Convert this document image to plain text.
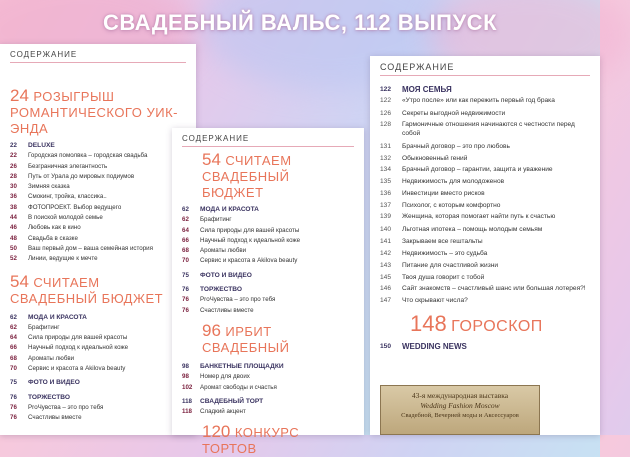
СВАДЕБНЫЙ ВАЛЬС, 112 ВЫПУСК
СОДЕРЖАНИЕ
24 РОЗЫГРЫШ
РОМАНТИЧЕСКОГО УИК-ЭНДА
22	DELUXE
22	Городская помолвка – городская свадьба
26	Безграничная элегантность
28	Путь от Урала до мировых подиумов
30	Зимняя сказка
36	Смокинг, тройка, классика..
38	ФОТОПРОЕКТ. Выбор ведущего
44	В поиской молодой семье
46	Любовь как в кино
48	Свадьба в сказке
50	Ваш первый дом – ваша семейная история
52	Линии, ведущие к мечте
54 СЧИТАЕМ
СВАДЕБНЫЙ БЮДЖЕТ
62	МОДА И КРАСОТА
62	Брафитинг
64	Сила природы для вашей красоты
66	Научный подход к идеальной коже
68	Ароматы любви
70	Сервис и красота в Akilova beauty
75	ФОТО И ВИДЕО
76	ТОРЖЕСТВО
76	ProЧувства – это про тебя
76	Счастливы вместе
СОДЕРЖАНИЕ
54 СЧИТАЕМ
СВАДЕБНЫЙ БЮДЖЕТ
62	МОДА И КРАСОТА
62	Брафитинг
64	Сила природы для вашей красоты
66	Научный подход к идеальной коже
68	Ароматы любви
70	Сервис и красота в Akilova beauty
75	ФОТО И ВИДЕО
76	ТОРЖЕСТВО
76	ProЧувства – это про тебя
76	Счастливы вместе
96 ИРБИТ СВАДЕБНЫЙ
98	БАНКЕТНЫЕ ПЛОЩАДКИ
98	Номер для двоих
102	Аромат свободы и счастья
118	СВАДЕБНЫЙ ТОРТ
118	Сладкий акцент
120 КОНКУРС ТОРТОВ
СОДЕРЖАНИЕ
122	МОЯ СЕМЬЯ
122	«Утро после» или как пережить первый год брака
126	Секреты выгодной недвижимости
128	Гармоничные отношения начинаются с честности перед собой
131	Брачный договор – это про любовь
132	Обыкновенный гений
134	Брачный договор – гарантии, защита и уважение
135	Недвижимость для молодоженов
136	Инвестиции вместо рисков
137	Психолог, с которым комфортно
139	Женщина, которая помогает найти путь к счастью
140	Льготная ипотека – помощь молодым семьям
141	Закрываем все гештальты
142	Недвижимость – это судьба
143	Питание для счастливой жизни
145	Твоя душа говорит с тобой
146	Сайт знакомств – счастливый шанс или большая лотерея?!
147	Что скрывают числа?
148 ГОРОСКОП
150	WEDDING NEWS
43-я международная выставка
Wedding Fashion Moscow
Свадебной, Вечерней моды и Аксессуаров
